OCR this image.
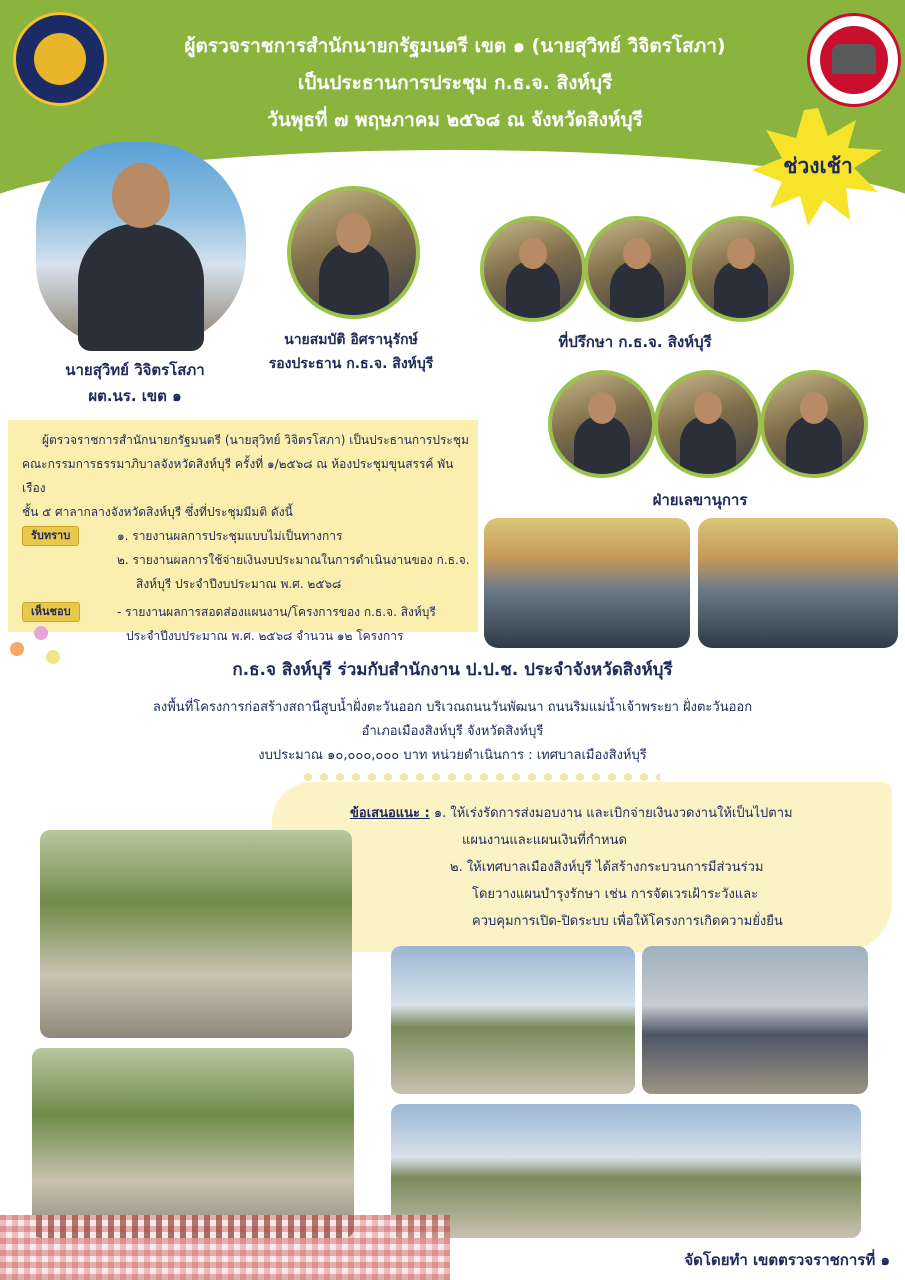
ผู้ตรวจราชการสำนักนายกรัฐมนตรี เขต ๑ (นายสุวิทย์ วิจิตรโสภา)
เป็นประธานการประชุม ก.ธ.จ. สิงห์บุรี
วันพุธที่ ๗ พฤษภาคม ๒๕๖๘ ณ จังหวัดสิงห์บุรี
ช่วงเช้า
นายสุวิทย์ วิจิตรโสภา
ผต.นร. เขต ๑
นายสมบัติ อิศรานุรักษ์
รองประธาน ก.ธ.จ. สิงห์บุรี
ที่ปรึกษา ก.ธ.จ. สิงห์บุรี
ฝ่ายเลขานุการ
ผู้ตรวจราชการสำนักนายกรัฐมนตรี (นายสุวิทย์ วิจิตรโสภา) เป็นประธานการประชุม
คณะกรรมการธรรมาภิบาลจังหวัดสิงห์บุรี ครั้งที่ ๑/๒๕๖๘ ณ ห้องประชุมขุนสรรค์ พันเรือง
ชั้น ๕ ศาลากลางจังหวัดสิงห์บุรี ซึ่งที่ประชุมมีมติ ดังนี้
รับทราบ	๑. รายงานผลการประชุมแบบไม่เป็นทางการ
๒. รายงานผลการใช้จ่ายเงินงบประมาณในการดำเนินงานของ ก.ธ.จ.
สิงห์บุรี ประจำปีงบประมาณ พ.ศ. ๒๕๖๘
เห็นชอบ	- รายงานผลการสอดส่องแผนงาน/โครงการของ ก.ธ.จ. สิงห์บุรี
ประจำปีงบประมาณ พ.ศ. ๒๕๖๘ จำนวน ๑๒ โครงการ
ก.ธ.จ สิงห์บุรี ร่วมกับสำนักงาน ป.ป.ช. ประจำจังหวัดสิงห์บุรี
ลงพื้นที่โครงการก่อสร้างสถานีสูบน้ำฝั่งตะวันออก บริเวณถนนวันพัฒนา ถนนริมแม่น้ำเจ้าพระยา ฝั่งตะวันออก
อำเภอเมืองสิงห์บุรี จังหวัดสิงห์บุรี
งบประมาณ ๑๐,๐๐๐,๐๐๐ บาท หน่วยดำเนินการ : เทศบาลเมืองสิงห์บุรี
ข้อเสนอแนะ : ๑. ให้เร่งรัดการส่งมอบงาน และเบิกจ่ายเงินงวดงานให้เป็นไปตาม
แผนงานและแผนเงินที่กำหนด
๒. ให้เทศบาลเมืองสิงห์บุรี ได้สร้างกระบวนการมีส่วนร่วม
โดยวางแผนบำรุงรักษา เช่น การจัดเวรเฝ้าระวังและ
ควบคุมการเปิด-ปิดระบบ เพื่อให้โครงการเกิดความยั่งยืน
จัดโดยทำ เขตตรวจราชการที่ ๑
